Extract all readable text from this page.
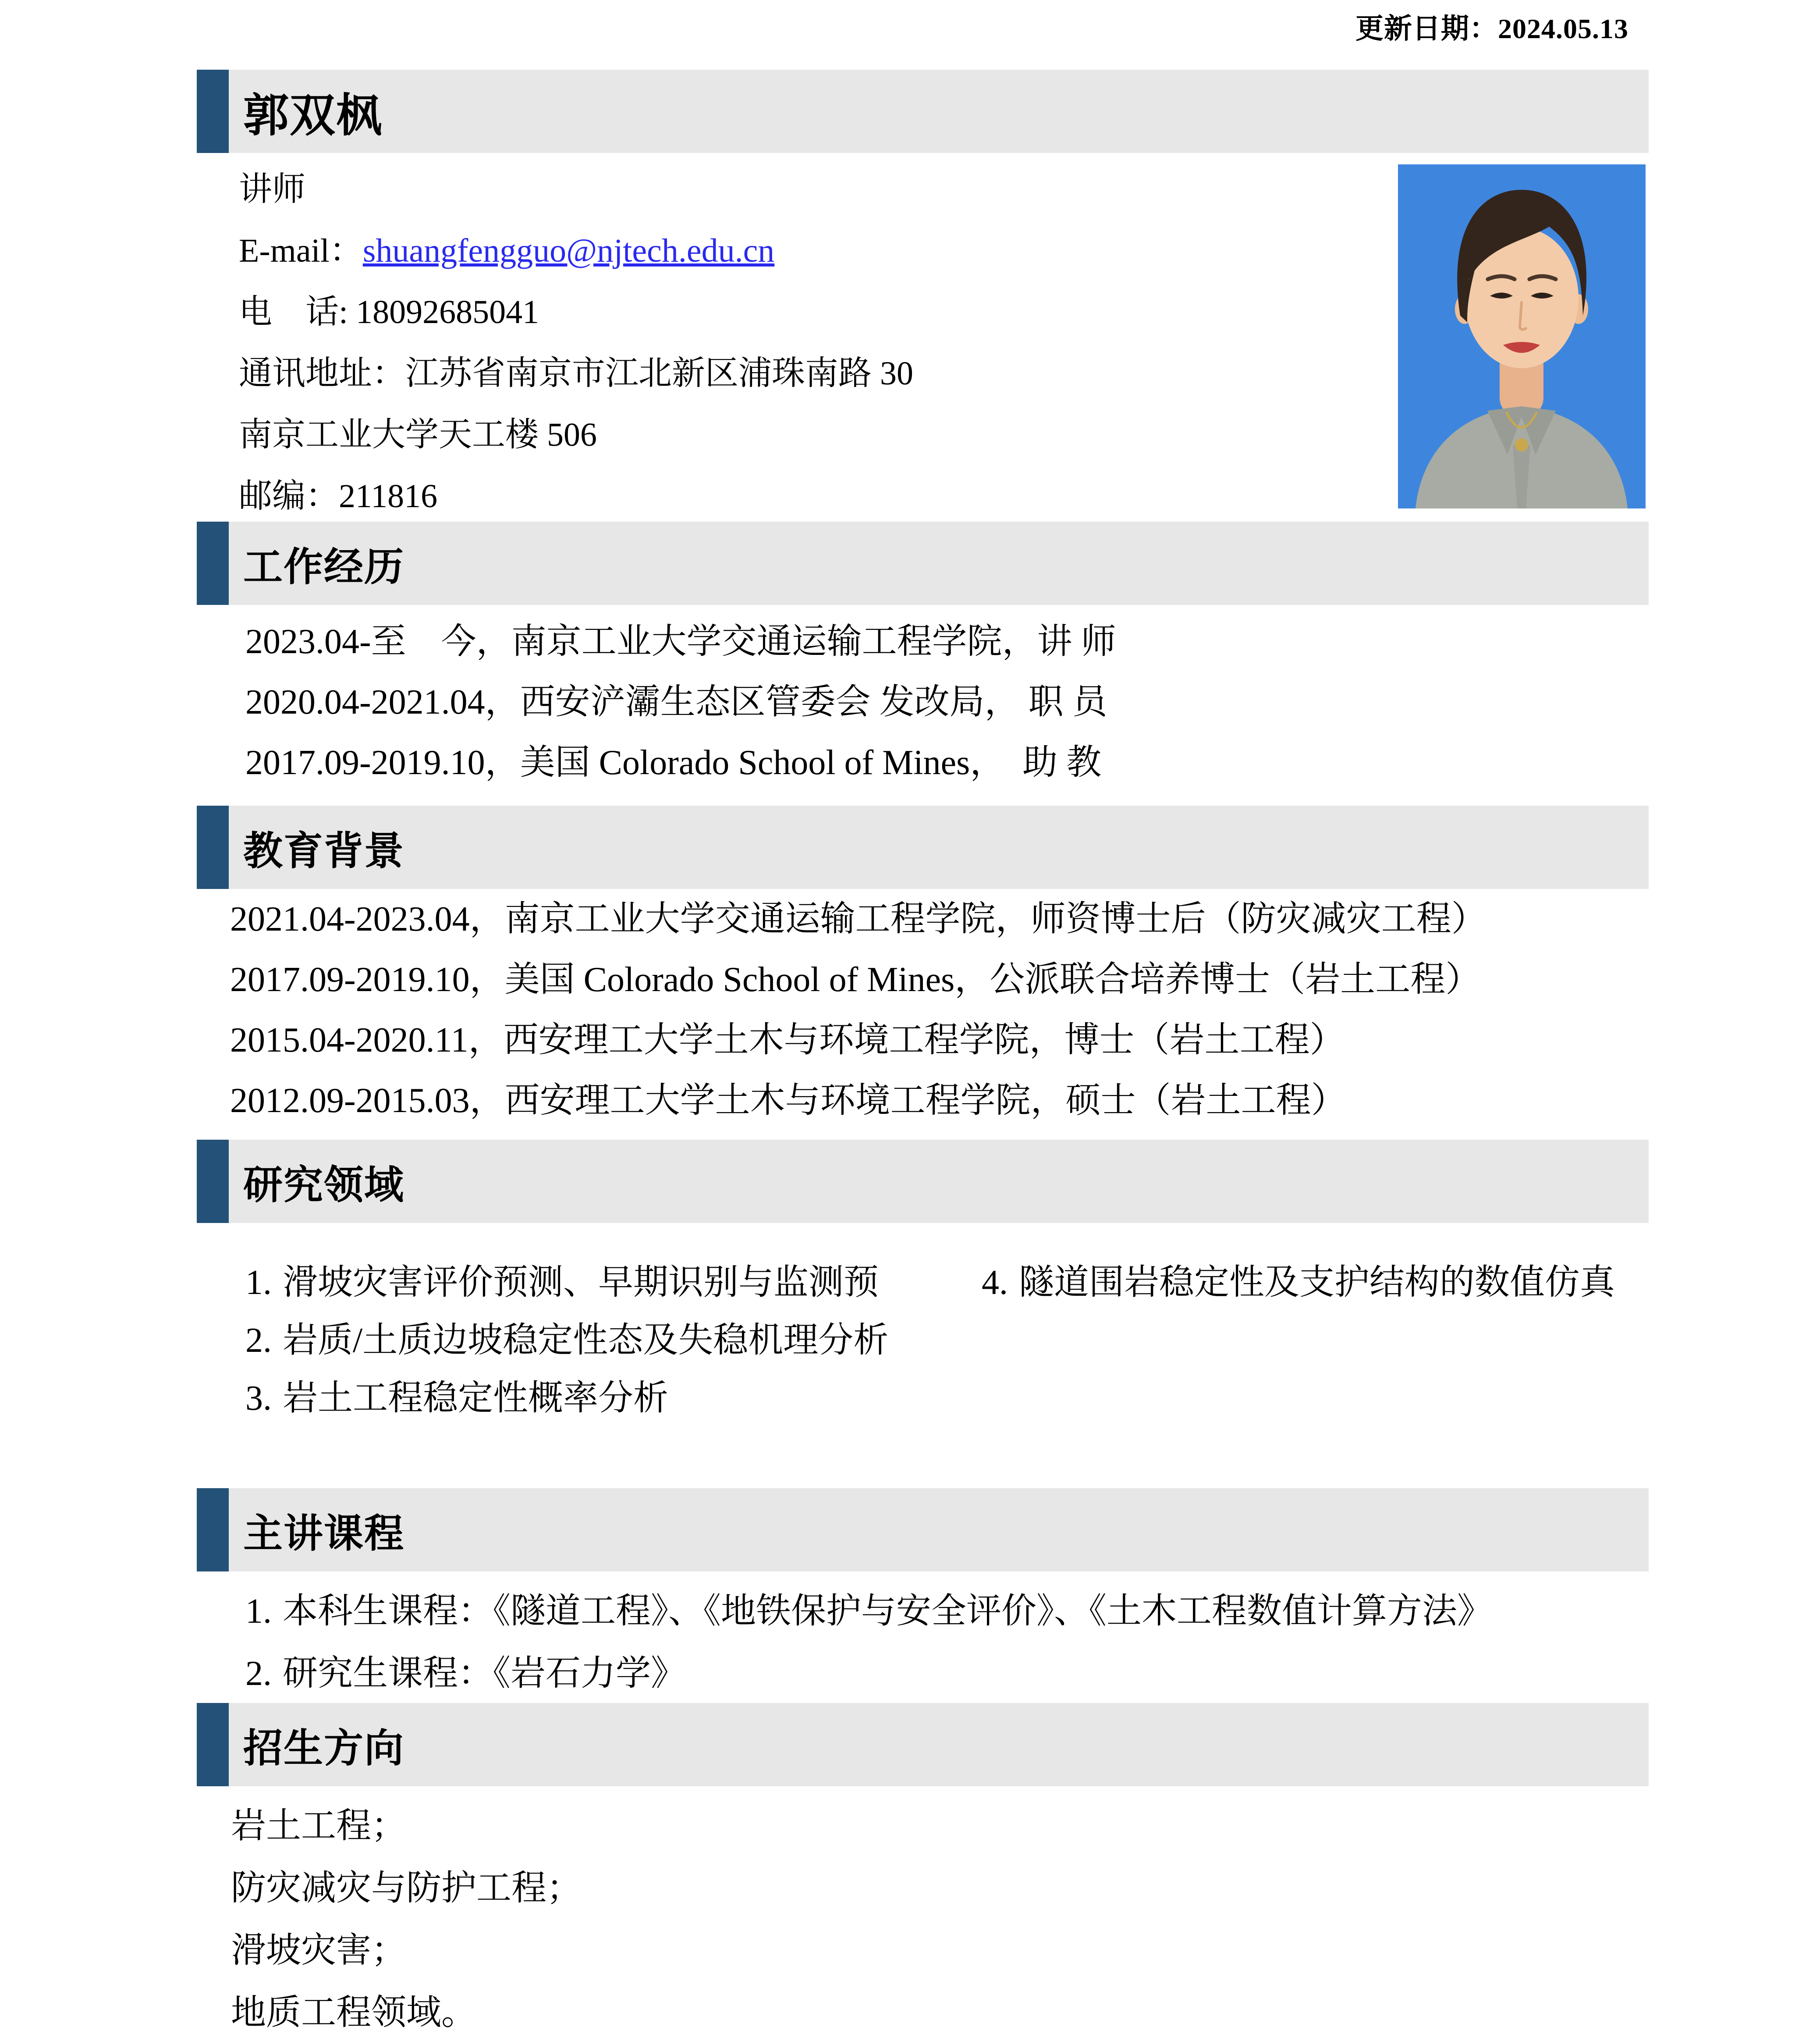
更新日期：2024.05.13
郭双枫
讲师
E-mail：shuangfengguo@njtech.edu.cn
电　话: 18092685041
通讯地址：江苏省南京市江北新区浦珠南路 30
南京工业大学天工楼 506
邮编：211816
工作经历
2023.04-至　今，南京工业大学交通运输工程学院，讲 师
2020.04-2021.04，西安浐灞生态区管委会 发改局， 职 员
2017.09-2019.10，美国 Colorado School of Mines，　助 教
教育背景
2021.04-2023.04，南京工业大学交通运输工程学院，师资博士后（防灾减灾工程）
2017.09-2019.10，美国 Colorado School of Mines，公派联合培养博士（岩土工程）
2015.04-2020.11，西安理工大学土木与环境工程学院，博士（岩土工程）
2012.09-2015.03，西安理工大学土木与环境工程学院，硕士（岩土工程）
研究领域
1. 滑坡灾害评价预测、早期识别与监测预
2. 岩质/土质边坡稳定性态及失稳机理分析
3. 岩土工程稳定性概率分析
4. 隧道围岩稳定性及支护结构的数值仿真
主讲课程
1. 本科生课程：《隧道工程》、《地铁保护与安全评价》、《土木工程数值计算方法》
2. 研究生课程：《岩石力学》
招生方向
岩土工程；
防灾减灾与防护工程；
滑坡灾害；
地质工程领域。
